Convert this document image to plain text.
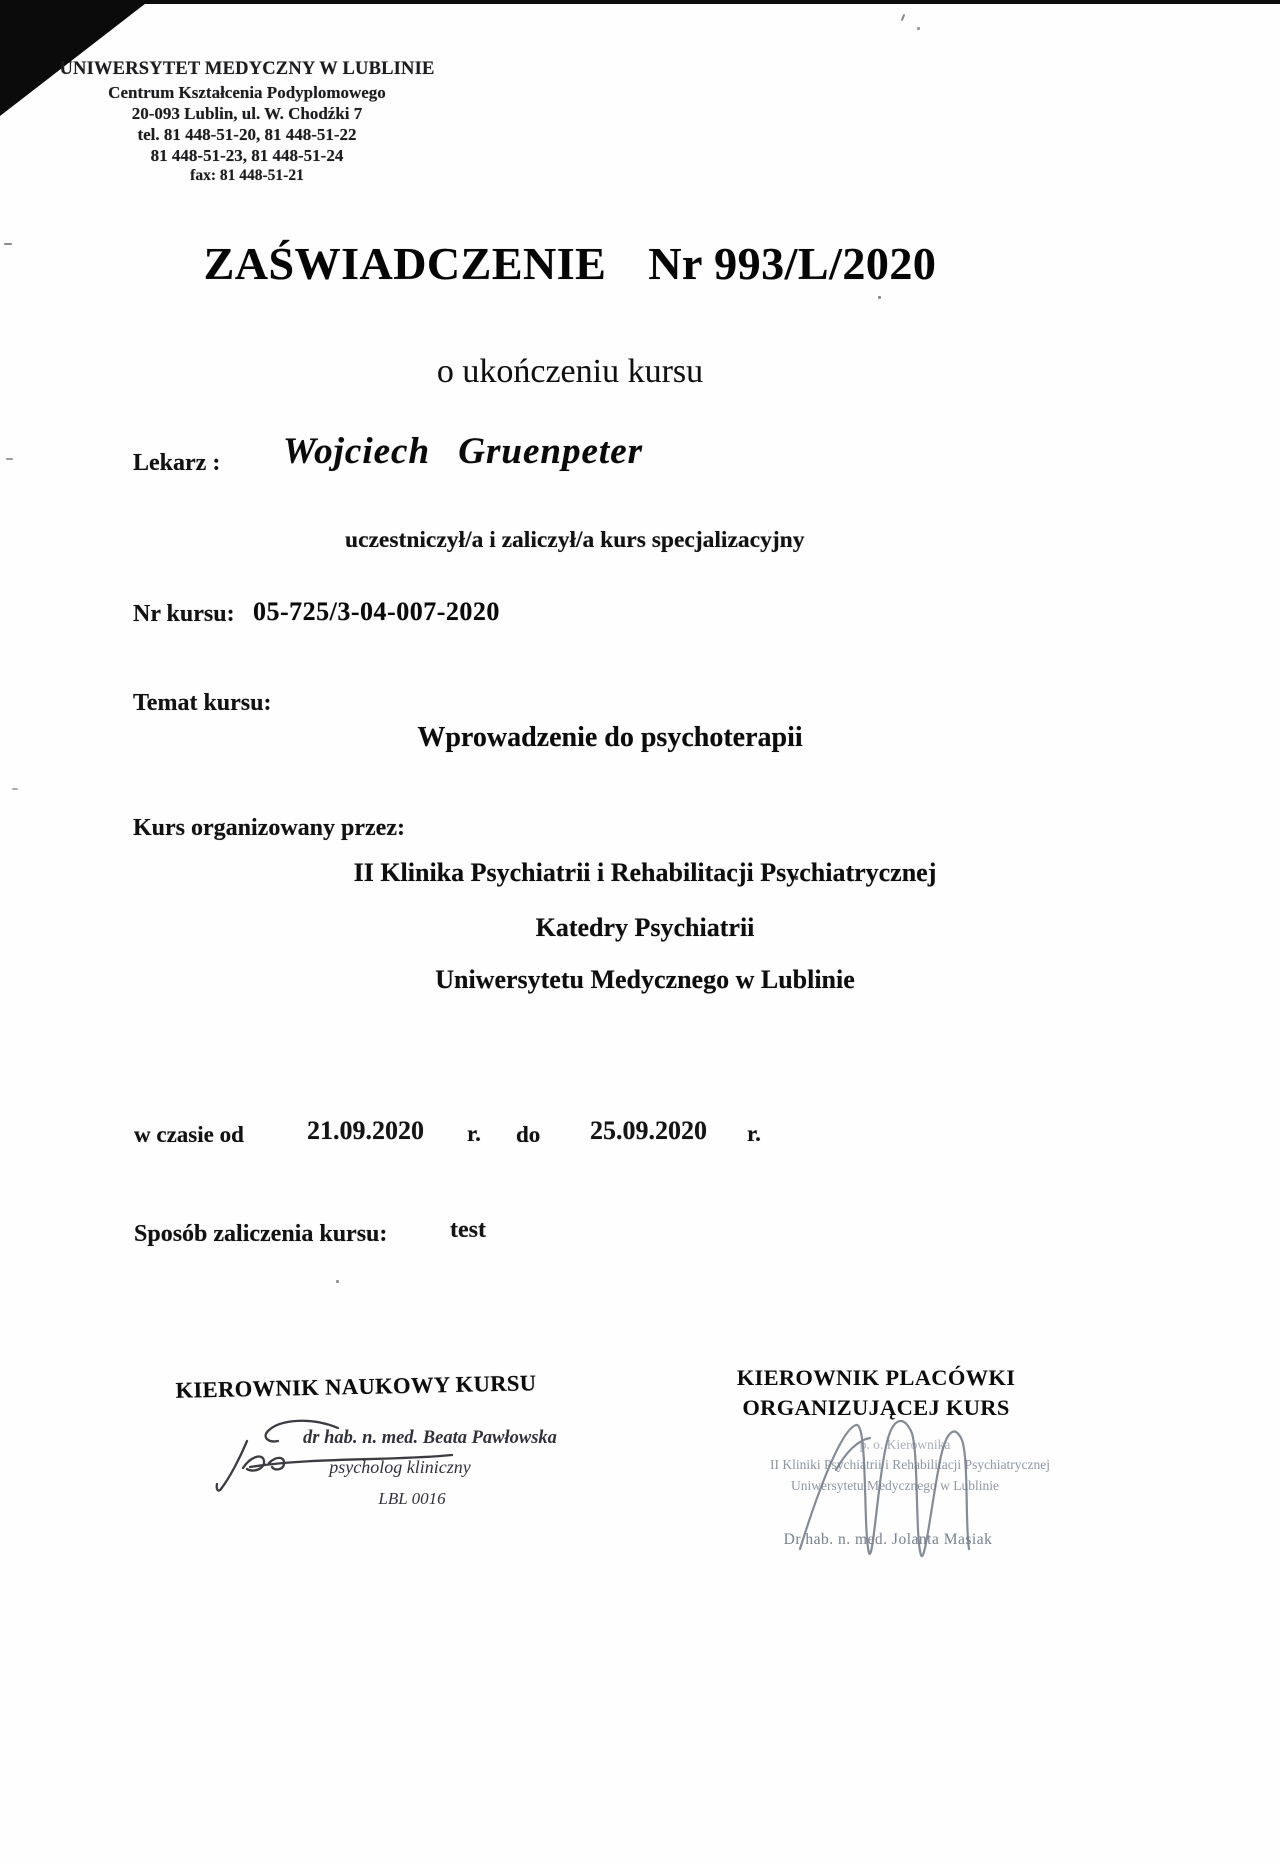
UNIWERSYTET MEDYCZNY W LUBLINIE
Centrum Kształcenia Podyplomowego
20-093 Lublin, ul. W. Chodźki 7
tel. 81 448-51-20, 81 448-51-22
81 448-51-23, 81 448-51-24
fax: 81 448-51-21
ZAŚWIADCZENIE Nr 993/L/2020
o ukończeniu kursu
Lekarz : Wojciech Gruenpeter
uczestniczył/a i zaliczył/a kurs specjalizacyjny
Nr kursu: 05-725/3-04-007-2020
Temat kursu:
Wprowadzenie do psychoterapii
Kurs organizowany przez:
II Klinika Psychiatrii i Rehabilitacji Psychiatrycznej
Katedry Psychiatrii
Uniwersytetu Medycznego w Lublinie
w czasie od 21.09.2020 r. do 25.09.2020 r.
Sposób zaliczenia kursu:	test
KIEROWNIK NAUKOWY KURSU
dr hab. n. med. Beata Pawłowska
psycholog kliniczny
LBL 0016
KIEROWNIK PLACÓWKI
ORGANIZUJĄCEJ KURS
p. o. Kierownika
II Kliniki Psychiatrii i Rehabilitacji Psychiatrycznej
Uniwersytetu Medycznego w Lublinie
Dr hab. n. med. Jolanta Masiak
